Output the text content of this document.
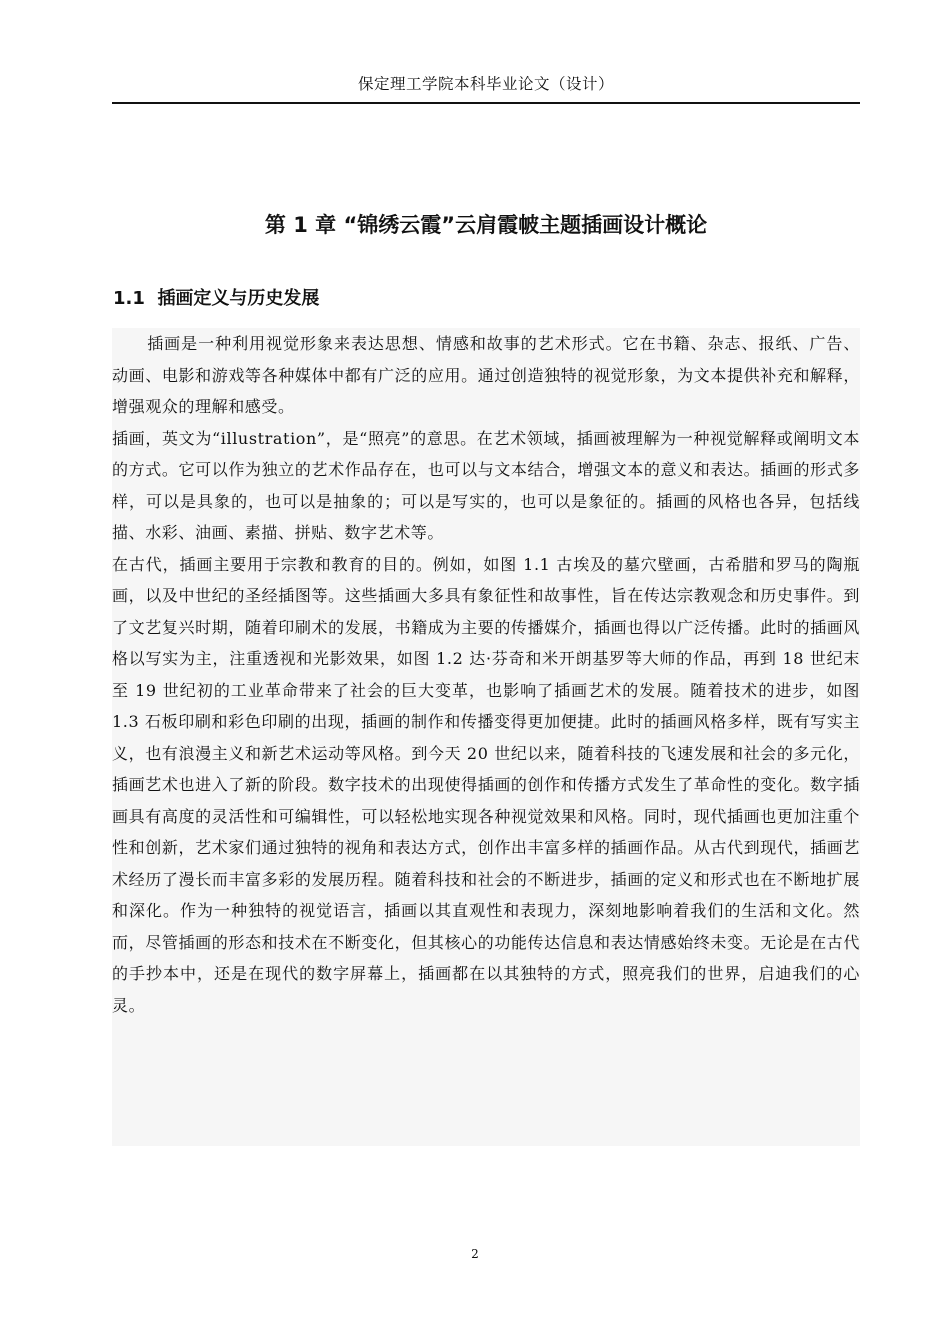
保定理工学院本科毕业论文（设计）
第 1 章 “锦绣云霞”云肩霞帔主题插画设计概论
1.1 插画定义与历史发展

插画是一种利用视觉形象来表达思想、情感和故事的艺术形式。它在书籍、杂志、报纸、广告、动画、电影和游戏等各种媒体中都有广泛的应用。通过创造独特的视觉形象，为文本提供补充和解释，增强观众的理解和感受。

插画，英文为“illustration”，是“照亮”的意思。在艺术领域，插画被理解为一种视觉解释或阐明文本的方式。它可以作为独立的艺术作品存在，也可以与文本结合，增强文本的意义和表达。插画的形式多样，可以是具象的，也可以是抽象的；可以是写实的，也可以是象征的。插画的风格也各异，包括线描、水彩、油画、素描、拼贴、数字艺术等。

在古代，插画主要用于宗教和教育的目的。例如，如图 1.1 古埃及的墓穴壁画，古希腊和罗马的陶瓶画，以及中世纪的圣经插图等。这些插画大多具有象征性和故事性，旨在传达宗教观念和历史事件。到了文艺复兴时期，随着印刷术的发展，书籍成为主要的传播媒介，插画也得以广泛传播。此时的插画风格以写实为主，注重透视和光影效果，如图 1.2 达·芬奇和米开朗基罗等大师的作品，再到 18 世纪末至 19 世纪初的工业革命带来了社会的巨大变革，也影响了插画艺术的发展。随着技术的进步，如图 1.3 石板印刷和彩色印刷的出现，插画的制作和传播变得更加便捷。此时的插画风格多样，既有写实主义，也有浪漫主义和新艺术运动等风格。到今天 20 世纪以来，随着科技的飞速发展和社会的多元化，插画艺术也进入了新的阶段。数字技术的出现使得插画的创作和传播方式发生了革命性的变化。数字插画具有高度的灵活性和可编辑性，可以轻松地实现各种视觉效果和风格。同时，现代插画也更加注重个性和创新，艺术家们通过独特的视角和表达方式，创作出丰富多样的插画作品。从古代到现代，插画艺术经历了漫长而丰富多彩的发展历程。随着科技和社会的不断进步，插画的定义和形式也在不断地扩展和深化。作为一种独特的视觉语言，插画以其直观性和表现力，深刻地影响着我们的生活和文化。然而，尽管插画的形态和技术在不断变化，但其核心的功能传达信息和表达情感始终未变。无论是在古代的手抄本中，还是在现代的数字屏幕上，插画都在以其独特的方式，照亮我们的世界，启迪我们的心灵。

2
